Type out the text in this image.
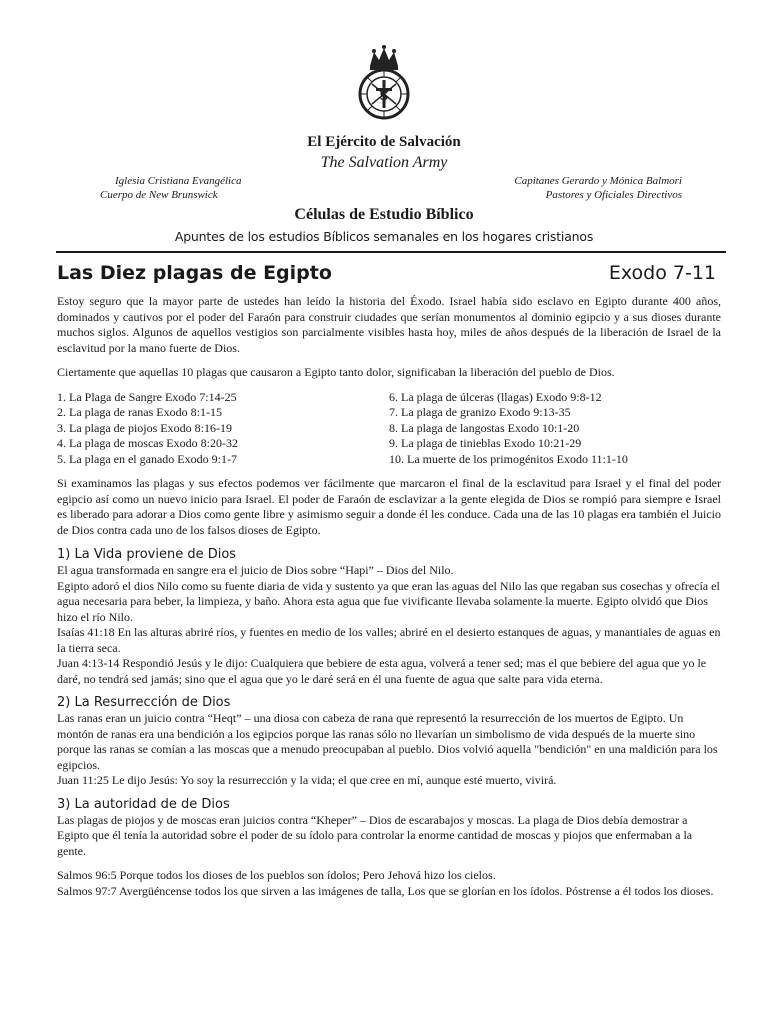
S
El Ejército de Salvación
The Salvation Army
Iglesia Cristiana Evangélica
Cuerpo de New Brunswick
Capitanes Gerardo y Mónica Balmori
Pastores y Oficiales Directivos
Células de Estudio Bíblico
Apuntes de los estudios Bíblicos semanales en los hogares cristianos
Las Diez plagas de Egipto	Exodo 7-11

Estoy seguro que la mayor parte de ustedes han leído la historia del Éxodo. Israel había sido esclavo en Egipto durante 400 años, dominados y cautivos por el poder del Faraón para construir ciudades que serían monumentos al dominio egipcio y a sus dioses durante muchos siglos. Algunos de aquellos vestigios son parcialmente visibles hasta hoy, miles de años después de la liberación de Israel de la esclavitud por la mano fuerte de Dios.

Ciertamente que aquellas 10 plagas que causaron a Egipto tanto dolor, significaban la liberación del pueblo de Dios.

1. La Plaga de Sangre Exodo 7:14-25
2. La plaga de ranas Exodo 8:1-15
3. La plaga de piojos Exodo 8:16-19
4. La plaga de moscas Exodo 8:20-32
5. La plaga en el ganado Exodo 9:1-7
6. La plaga de úlceras (llagas) Exodo 9:8-12
7. La plaga de granizo Exodo 9:13-35
8. La plaga de langostas Exodo 10:1-20
9. La plaga de tinieblas Exodo 10:21-29
10. La muerte de los primogénitos Exodo 11:1-10

Si examinamos las plagas y sus efectos podemos ver fácilmente que marcaron el final de la esclavitud para Israel y el final del poder egipcio así como un nuevo inicio para Israel. El poder de Faraón de esclavizar a la gente elegida de Dios se rompió para siempre e Israel es liberado para adorar a Dios como gente libre y asimismo seguir a donde él les conduce. Cada una de las 10 plagas era también el Juicio de Dios contra cada uno de los falsos dioses de Egipto.

1) La Vida proviene de Dios

El agua transformada en sangre era el juicio de Dios sobre “Hapi” – Dios del Nilo.

Egipto adoró el dios Nilo como su fuente diaria de vida y sustento ya que eran las aguas del Nilo las que regaban sus cosechas y ofrecía el agua necesaria para beber, la limpieza, y baño. Ahora esta agua que fue vivificante llevaba solamente la muerte. Egipto olvidó que Dios hizo el río Nilo.

Isaías 41:18 En las alturas abriré ríos, y fuentes en medio de los valles; abriré en el desierto estanques de aguas, y manantiales de aguas en la tierra seca.

Juan 4:13-14 Respondió Jesús y le dijo: Cualquiera que bebiere de esta agua, volverá a tener sed; mas el que bebiere del agua que yo le daré, no tendrá sed jamás; sino que el agua que yo le daré será en él una fuente de agua que salte para vida eterna.

2) La Resurrección de Dios

Las ranas eran un juicio contra “Heqt” – una diosa con cabeza de rana que representó la resurrección de los muertos de Egipto. Un montón de ranas era una bendición a los egipcios porque las ranas sólo no llevarían un simbolismo de vida después de la muerte sino porque las ranas se comían a las moscas que a menudo preocupaban al pueblo. Dios volvió aquella "bendición" en una maldición para los egipcios.

Juan 11:25 Le dijo Jesús: Yo soy la resurrección y la vida; el que cree en mí, aunque esté muerto, vivirá.

3) La autoridad de de Dios

Las plagas de piojos y de moscas eran juicios contra “Kheper” – Dios de escarabajos y moscas. La plaga de Dios debía demostrar a Egipto que él tenía la autoridad sobre el poder de su ídolo para controlar la enorme cantidad de moscas y piojos que enfermaban a la gente.

Salmos 96:5 Porque todos los dioses de los pueblos son ídolos; Pero Jehová hizo los cielos.

Salmos 97:7 Avergüéncense todos los que sirven a las imágenes de talla, Los que se glorían en los ídolos. Póstrense a él todos los dioses.
